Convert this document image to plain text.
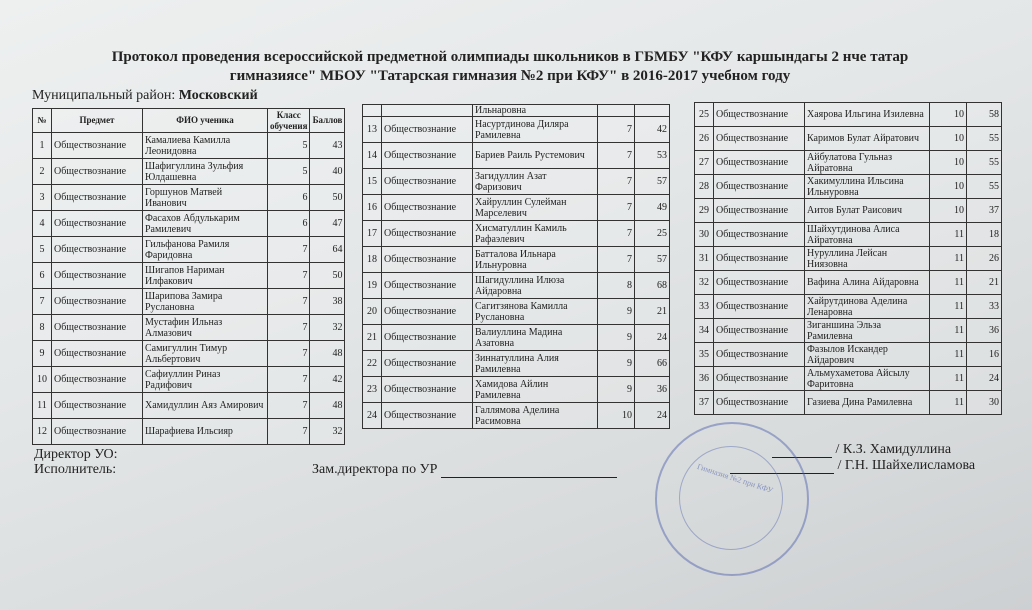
Протокол проведения всероссийской предметной олимпиады школьников в ГБМБУ "КФУ каршындагы 2 нче татар
гимназиясе" МБОУ "Татарская гимназия №2 при КФУ" в 2016-2017 учебном году
Муниципальный район: Московский
№	Предмет	ФИО ученика	Класс обучения	Баллов
1	Обществознание	Камалиева Камилла Леонидовна	5	43
2	Обществознание	Шафигуллина Зульфия Юлдашевна	5	40
3	Обществознание	Горшунов Матвей Иванович	6	50
4	Обществознание	Фасахов Абдулькарим Рамилевич	6	47
5	Обществознание	Гильфанова Рамиля Фаридовна	7	64
6	Обществознание	Шигапов Нариман Илфакович	7	50
7	Обществознание	Шарипова Замира Руслановна	7	38
8	Обществознание	Мустафин Ильназ Алмазович	7	32
9	Обществознание	Самигуллин Тимур Альбертович	7	48
10	Обществознание	Сафиуллин Риназ Радифович	7	42
11	Обществознание	Хамидуллин Аяз Амирович	7	48
12	Обществознание	Шарафиева Ильсияр	7	32
		Ильнаровна		
13	Обществознание	Насуртдинова Диляра Рамилевна	7	42
14	Обществознание	Бариев Раиль Рустемович	7	53
15	Обществознание	Загидуллин Азат Фаризович	7	57
16	Обществознание	Хайруллин Сулейман Марселевич	7	49
17	Обществознание	Хисматуллин Камиль Рафаэлевич	7	25
18	Обществознание	Батталова Ильнара Ильнуровна	7	57
19	Обществознание	Шагидуллина Илюза Айдаровна	8	68
20	Обществознание	Сагитзянова Камилла Руслановна	9	21
21	Обществознание	Валиуллина Мадина Азатовна	9	24
22	Обществознание	Зиннатуллина Алия Рамилевна	9	66
23	Обществознание	Хамидова Айлин Рамилевна	9	36
24	Обществознание	Галлямова Аделина Расимовна	10	24
25	Обществознание	Хаярова Ильгина Изилевна	10	58
26	Обществознание	Каримов Булат Айратович	10	55
27	Обществознание	Айбулатова Гульназ Айратовна	10	55
28	Обществознание	Хакимуллина Ильсина Ильнуровна	10	55
29	Обществознание	Аитов Булат Раисович	10	37
30	Обществознание	Шайхутдинова Алиса Айратовна	11	18
31	Обществознание	Нуруллина Лейсан Ниязовна	11	26
32	Обществознание	Вафина Алина Айдаровна	11	21
33	Обществознание	Хайрутдинова Аделина Ленаровна	11	33
34	Обществознание	Зиганшина Эльза Рамилевна	11	36
35	Обществознание	Фазылов Искандер Айдарович	11	16
36	Обществознание	Альмухаметова Айсылу Фаритовна	11	24
37	Обществознание	Газиева Дина Рамилевна	11	30
Директор УО:
Исполнитель:	Зам.директора по УР
/ К.З. Хамидуллина
/ Г.Н. Шайхелисламова
Гимназия №2 при КФУ
